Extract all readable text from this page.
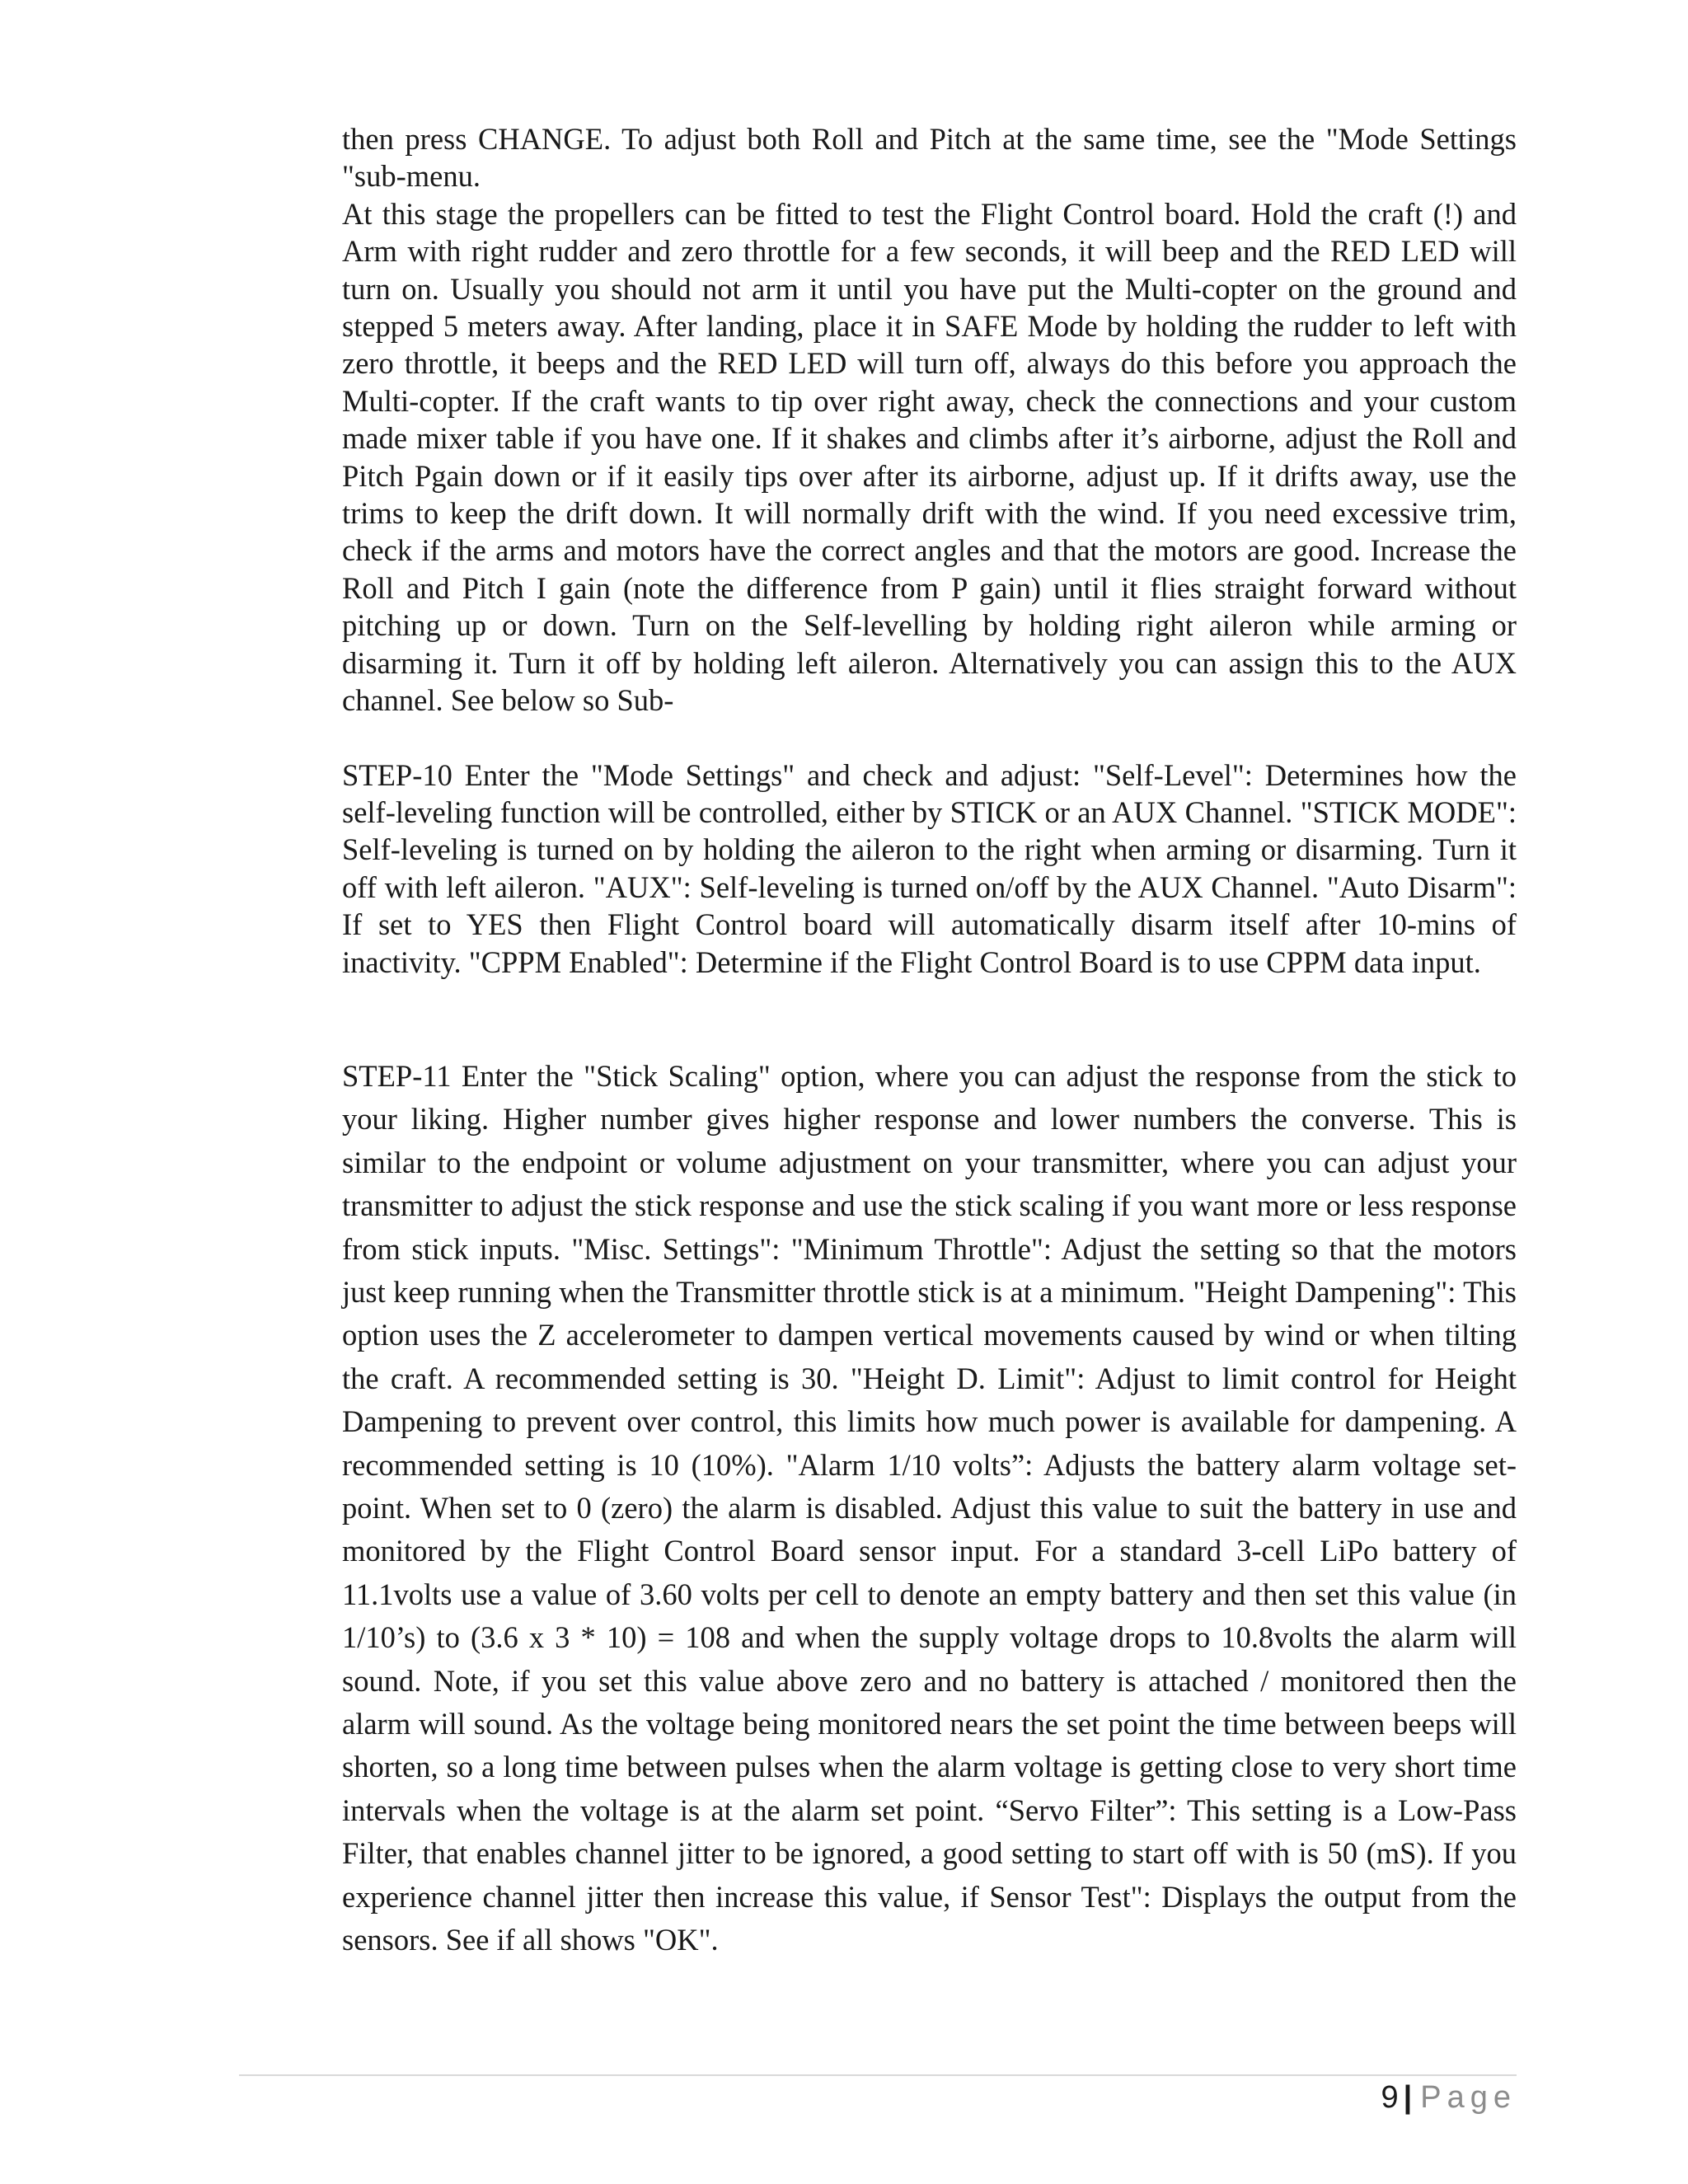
then press CHANGE. To adjust both Roll and Pitch at the same time, see the "Mode Settings "sub-menu.

At this stage the propellers can be fitted to test the Flight Control board. Hold the craft (!) and Arm with right rudder and zero throttle for a few seconds, it will beep and the RED LED will turn on. Usually you should not arm it until you have put the Multi-copter on the ground and stepped 5 meters away. After landing, place it in SAFE Mode by holding the rudder to left with zero throttle, it beeps and the RED LED will turn off, always do this before you approach the Multi-copter. If the craft wants to tip over right away, check the connections and your custom made mixer table if you have one. If it shakes and climbs after it’s airborne, adjust the Roll and Pitch Pgain down or if it easily tips over after its airborne, adjust up. If it drifts away, use the trims to keep the drift down. It will normally drift with the wind. If you need excessive trim, check if the arms and motors have the correct angles and that the motors are good. Increase the Roll and Pitch I gain (note the difference from P gain) until it flies straight forward without pitching up or down. Turn on the Self-levelling by holding right aileron while arming or disarming it. Turn it off by holding left aileron. Alternatively you can assign this to the AUX channel. See below so Sub-

STEP-10 Enter the "Mode Settings" and check and adjust: "Self-Level": Determines how the self-leveling function will be controlled, either by STICK or an AUX Channel. "STICK MODE": Self-leveling is turned on by holding the aileron to the right when arming or disarming. Turn it off with left aileron. "AUX": Self-leveling is turned on/off by the AUX Channel. "Auto Disarm": If set to YES then Flight Control board will automatically disarm itself after 10-mins of inactivity. "CPPM Enabled": Determine if the Flight Control Board is to use CPPM data input.

STEP-11 Enter the "Stick Scaling" option, where you can adjust the response from the stick to your liking. Higher number gives higher response and lower numbers the converse. This is similar to the endpoint or volume adjustment on your transmitter, where you can adjust your transmitter to adjust the stick response and use the stick scaling if you want more or less response from stick inputs. "Misc. Settings": "Minimum Throttle": Adjust the setting so that the motors just keep running when the Transmitter throttle stick is at a minimum. "Height Dampening": This option uses the Z accelerometer to dampen vertical movements caused by wind or when tilting the craft. A recommended setting is 30. "Height D. Limit": Adjust to limit control for Height Dampening to prevent over control, this limits how much power is available for dampening. A recommended setting is 10 (10%). "Alarm 1/10 volts”: Adjusts the battery alarm voltage set-point. When set to 0 (zero) the alarm is disabled. Adjust this value to suit the battery in use and monitored by the Flight Control Board sensor input. For a standard 3-cell LiPo battery of 11.1volts use a value of 3.60 volts per cell to denote an empty battery and then set this value (in 1/10’s) to (3.6 x 3 * 10) = 108 and when the supply voltage drops to 10.8volts the alarm will sound. Note, if you set this value above zero and no battery is attached / monitored then the alarm will sound. As the voltage being monitored nears the set point the time between beeps will shorten, so a long time between pulses when the alarm voltage is getting close to very short time intervals when the voltage is at the alarm set point. “Servo Filter”: This setting is a Low-Pass Filter, that enables channel jitter to be ignored, a good setting to start off with is 50 (mS). If you experience channel jitter then increase this value, if Sensor Test": Displays the output from the sensors. See if all shows "OK".

9 | Page
